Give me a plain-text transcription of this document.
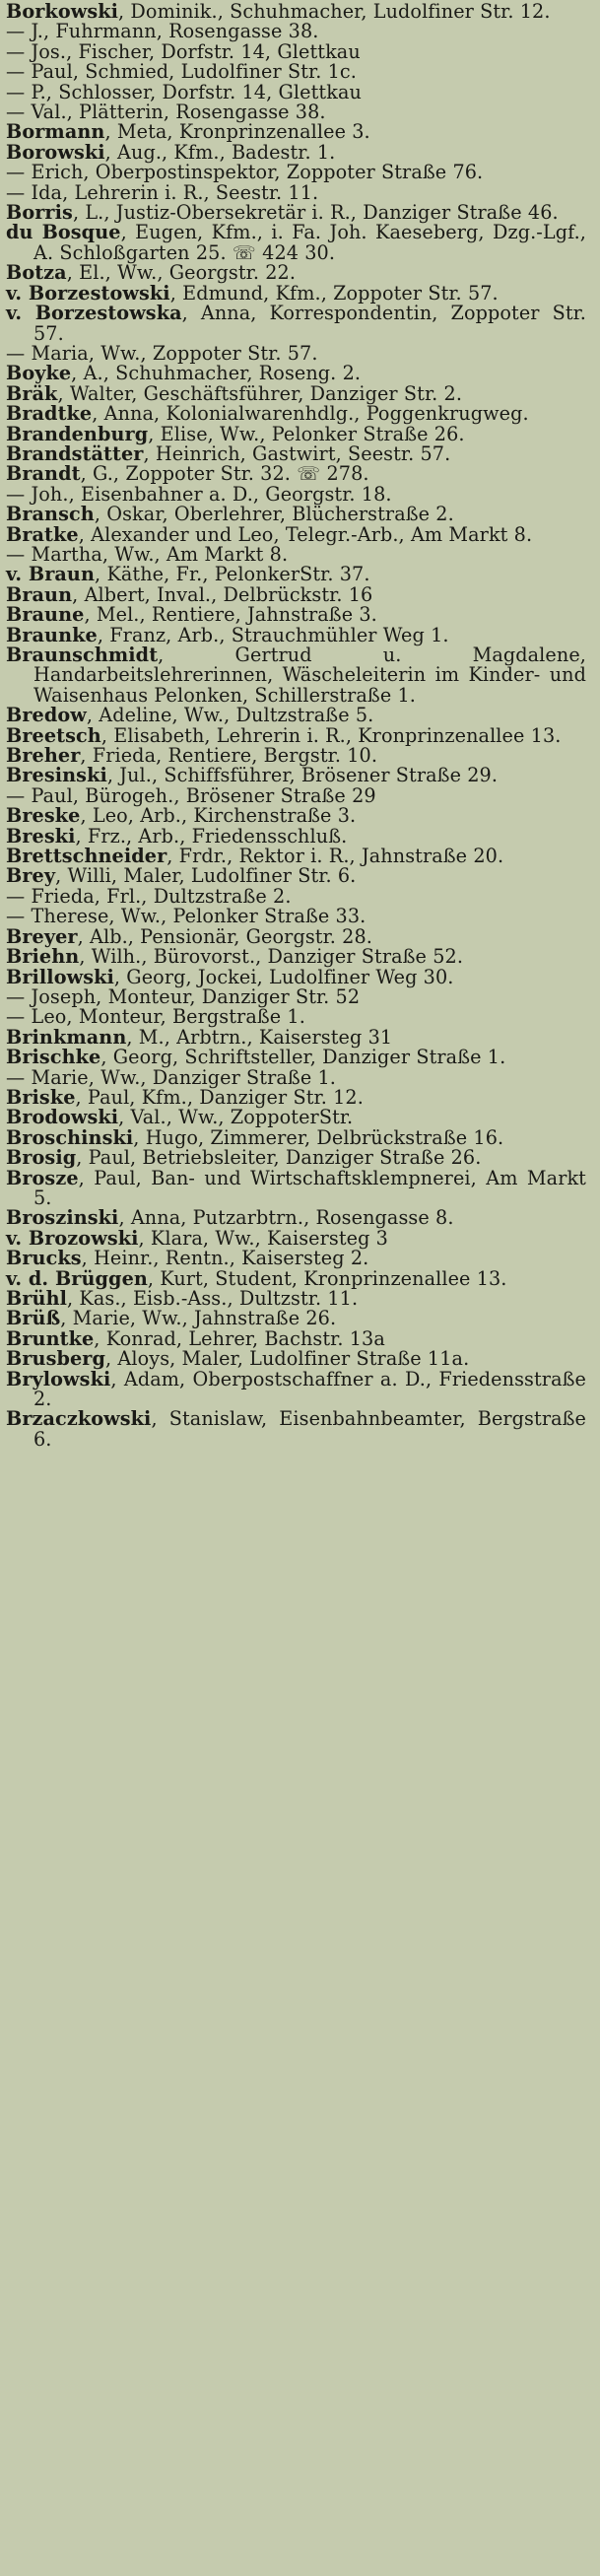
Borkowski, Dominik., Schuhmacher, Ludolfiner Str. 12.
— J., Fuhrmann, Rosengasse 38.
— Jos., Fischer, Dorfstr. 14, Glettkau
— Paul, Schmied, Ludolfiner Str. 1c.
— P., Schlosser, Dorfstr. 14, Glettkau
— Val., Plätterin, Rosengasse 38.
Bormann, Meta, Kronprinzenallee 3.
Borowski, Aug., Kfm., Badestr. 1.
— Erich, Oberpostinspektor, Zoppoter Straße 76.
— Ida, Lehrerin i. R., Seestr. 11.
Borris, L., Justiz-Obersekretär i. R., Danziger Straße 46.
du Bosque, Eugen, Kfm., i. Fa. Joh. Kaeseberg, Dzg.-Lgf., A. Schloßgarten 25. ☏ 424 30.
Botza, El., Ww., Georgstr. 22.
v. Borzestowski, Edmund, Kfm., Zoppoter Str. 57.
v. Borzestowska, Anna, Korrespondentin, Zoppoter Str. 57.
— Maria, Ww., Zoppoter Str. 57.
Boyke, A., Schuhmacher, Roseng. 2.
Bräk, Walter, Geschäftsführer, Danziger Str. 2.
Bradtke, Anna, Kolonialwarenhdlg., Poggenkrugweg.
Brandenburg, Elise, Ww., Pelonker Straße 26.
Brandstätter, Heinrich, Gastwirt, Seestr. 57.
Brandt, G., Zoppoter Str. 32. ☏ 278.
— Joh., Eisenbahner a. D., Georgstr. 18.
Bransch, Oskar, Oberlehrer, Blücherstraße 2.
Bratke, Alexander und Leo, Telegr.-Arb., Am Markt 8.
— Martha, Ww., Am Markt 8.
v. Braun, Käthe, Fr., PelonkerStr. 37.
Braun, Albert, Inval., Delbrückstr. 16
Braune, Mel., Rentiere, Jahnstraße 3.
Braunke, Franz, Arb., Strauchmühler Weg 1.
Braunschmidt, Gertrud u. Magdalene, Handarbeitslehrerinnen, Wäscheleiterin im Kinder- und Waisenhaus Pelonken, Schillerstraße 1.
Bredow, Adeline, Ww., Dultzstraße 5.
Breetsch, Elisabeth, Lehrerin i. R., Kronprinzenallee 13.
Breher, Frieda, Rentiere, Bergstr. 10.
Bresinski, Jul., Schiffsführer, Brösener Straße 29.
— Paul, Bürogeh., Brösener Straße 29
Breske, Leo, Arb., Kirchenstraße 3.
Breski, Frz., Arb., Friedensschluß.
Brettschneider, Frdr., Rektor i. R., Jahnstraße 20.
Brey, Willi, Maler, Ludolfiner Str. 6.
— Frieda, Frl., Dultzstraße 2.
— Therese, Ww., Pelonker Straße 33.
Breyer, Alb., Pensionär, Georgstr. 28.
Briehn, Wilh., Bürovorst., Danziger Straße 52.
Brillowski, Georg, Jockei, Ludolfiner Weg 30.
— Joseph, Monteur, Danziger Str. 52
— Leo, Monteur, Bergstraße 1.
Brinkmann, M., Arbtrn., Kaisersteg 31
Brischke, Georg, Schriftsteller, Danziger Straße 1.
— Marie, Ww., Danziger Straße 1.
Briske, Paul, Kfm., Danziger Str. 12.
Brodowski, Val., Ww., ZoppoterStr.
Broschinski, Hugo, Zimmerer, Delbrückstraße 16.
Brosig, Paul, Betriebsleiter, Danziger Straße 26.
Brosze, Paul, Ban- und Wirtschaftsklempnerei, Am Markt 5.
Broszinski, Anna, Putzarbtrn., Rosengasse 8.
v. Brozowski, Klara, Ww., Kaisersteg 3
Brucks, Heinr., Rentn., Kaisersteg 2.
v. d. Brüggen, Kurt, Student, Kronprinzenallee 13.
Brühl, Kas., Eisb.-Ass., Dultzstr. 11.
Brüß, Marie, Ww., Jahnstraße 26.
Bruntke, Konrad, Lehrer, Bachstr. 13a
Brusberg, Aloys, Maler, Ludolfiner Straße 11a.
Brylowski, Adam, Oberpostschaffner a. D., Friedensstraße 2.
Brzaczkowski, Stanislaw, Eisenbahnbeamter, Bergstraße 6.
